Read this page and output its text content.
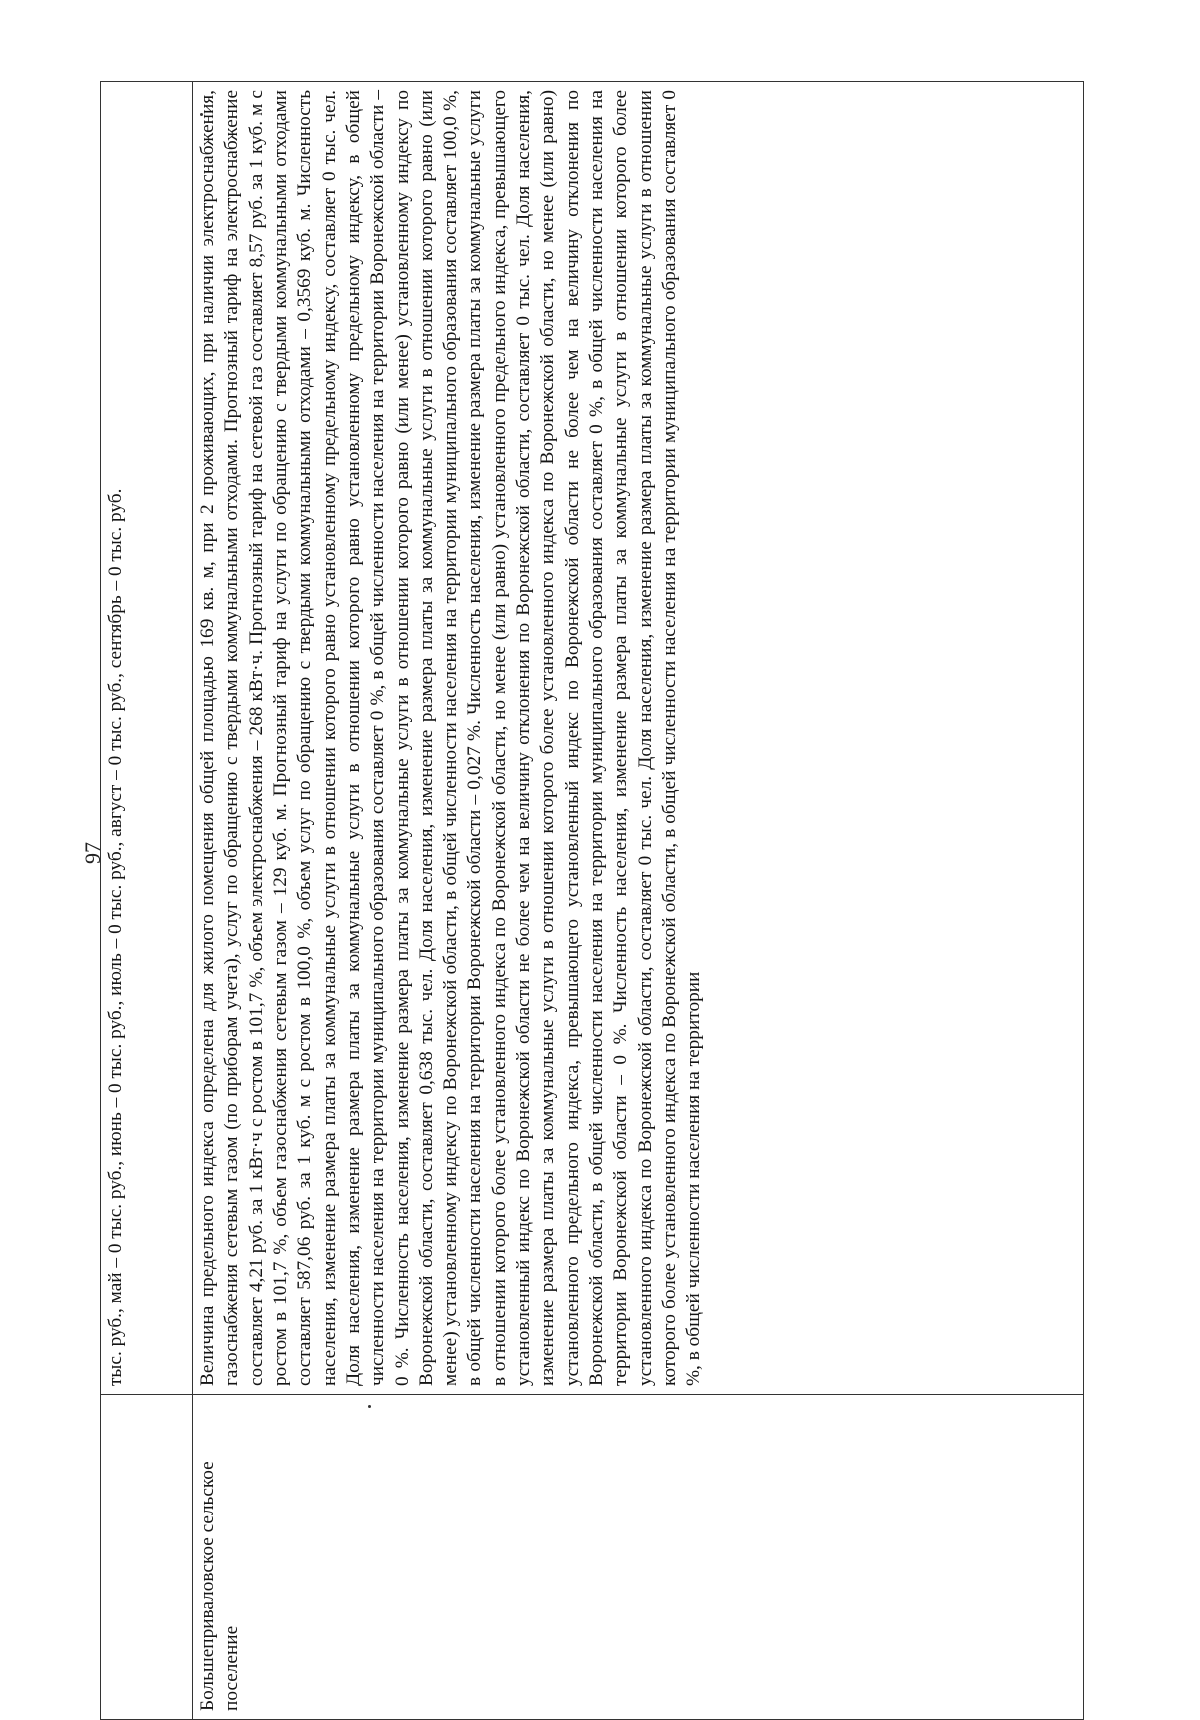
97
	тыс. руб., май – 0 тыс. руб., июнь – 0 тыс. руб., июль – 0 тыс. руб., август – 0 тыс. руб., сентябрь – 0 тыс. руб.
Большеприваловское сельское поселение	Величина предельного индекса определена для жилого помещения общей площадью 169 кв. м, при 2 проживающих, при наличии электроснабжения, газоснабжения сетевым газом (по приборам учета), услуг по обращению с твердыми коммунальными отходами. Прогнозный тариф на электроснабжение составляет 4,21 руб. за 1 кВт·ч с ростом в 101,7 %, объем электроснабжения – 268 кВт·ч. Прогнозный тариф на сетевой газ составляет 8,57 руб. за 1 куб. м с ростом в 101,7 %, объем газоснабжения сетевым газом – 129 куб. м. Прогнозный тариф на услуги по обращению с твердыми коммунальными отходами составляет 587,06 руб. за 1 куб. м с ростом в 100,0 %, объем услуг по обращению с твердыми коммунальными отходами – 0,3569 куб. м. Численность населения, изменение размера платы за коммунальные услуги в отношении которого равно установленному предельному индексу, составляет 0 тыс. чел. Доля населения, изменение размера платы за коммунальные услуги в отношении которого равно установленному предельному индексу, в общей численности населения на территории муниципального образования составляет 0 %, в общей численности населения на территории Воронежской области – 0 %. Численность населения, изменение размера платы за коммунальные услуги в отношении которого равно (или менее) установленному индексу по Воронежской области, составляет 0,638 тыс. чел. Доля населения, изменение размера платы за коммунальные услуги в отношении которого равно (или менее) установленному индексу по Воронежской области, в общей численности населения на территории муниципального образования составляет 100,0 %, в общей численности населения на территории Воронежской области – 0,027 %. Численность населения, изменение размера платы за коммунальные услуги в отношении которого более установленного индекса по Воронежской области, но менее (или равно) установленного предельного индекса, превышающего установленный индекс по Воронежской области не более чем на величину отклонения по Воронежской области, составляет 0 тыс. чел. Доля населения, изменение размера платы за коммунальные услуги в отношении которого более установленного индекса по Воронежской области, но менее (или равно) установленного предельного индекса, превышающего установленный индекс по Воронежской области не более чем на величину отклонения по Воронежской области, в общей численности населения на территории муниципального образования составляет 0 %, в общей численности населения на территории Воронежской области – 0 %. Численность населения, изменение размера платы за коммунальные услуги в отношении которого более установленного индекса по Воронежской области, составляет 0 тыс. чел. Доля населения, изменение размера платы за коммунальные услуги в отношении которого более установленного индекса по Воронежской области, в общей численности населения на территории муниципального образования составляет 0 %, в общей численности населения на территории
